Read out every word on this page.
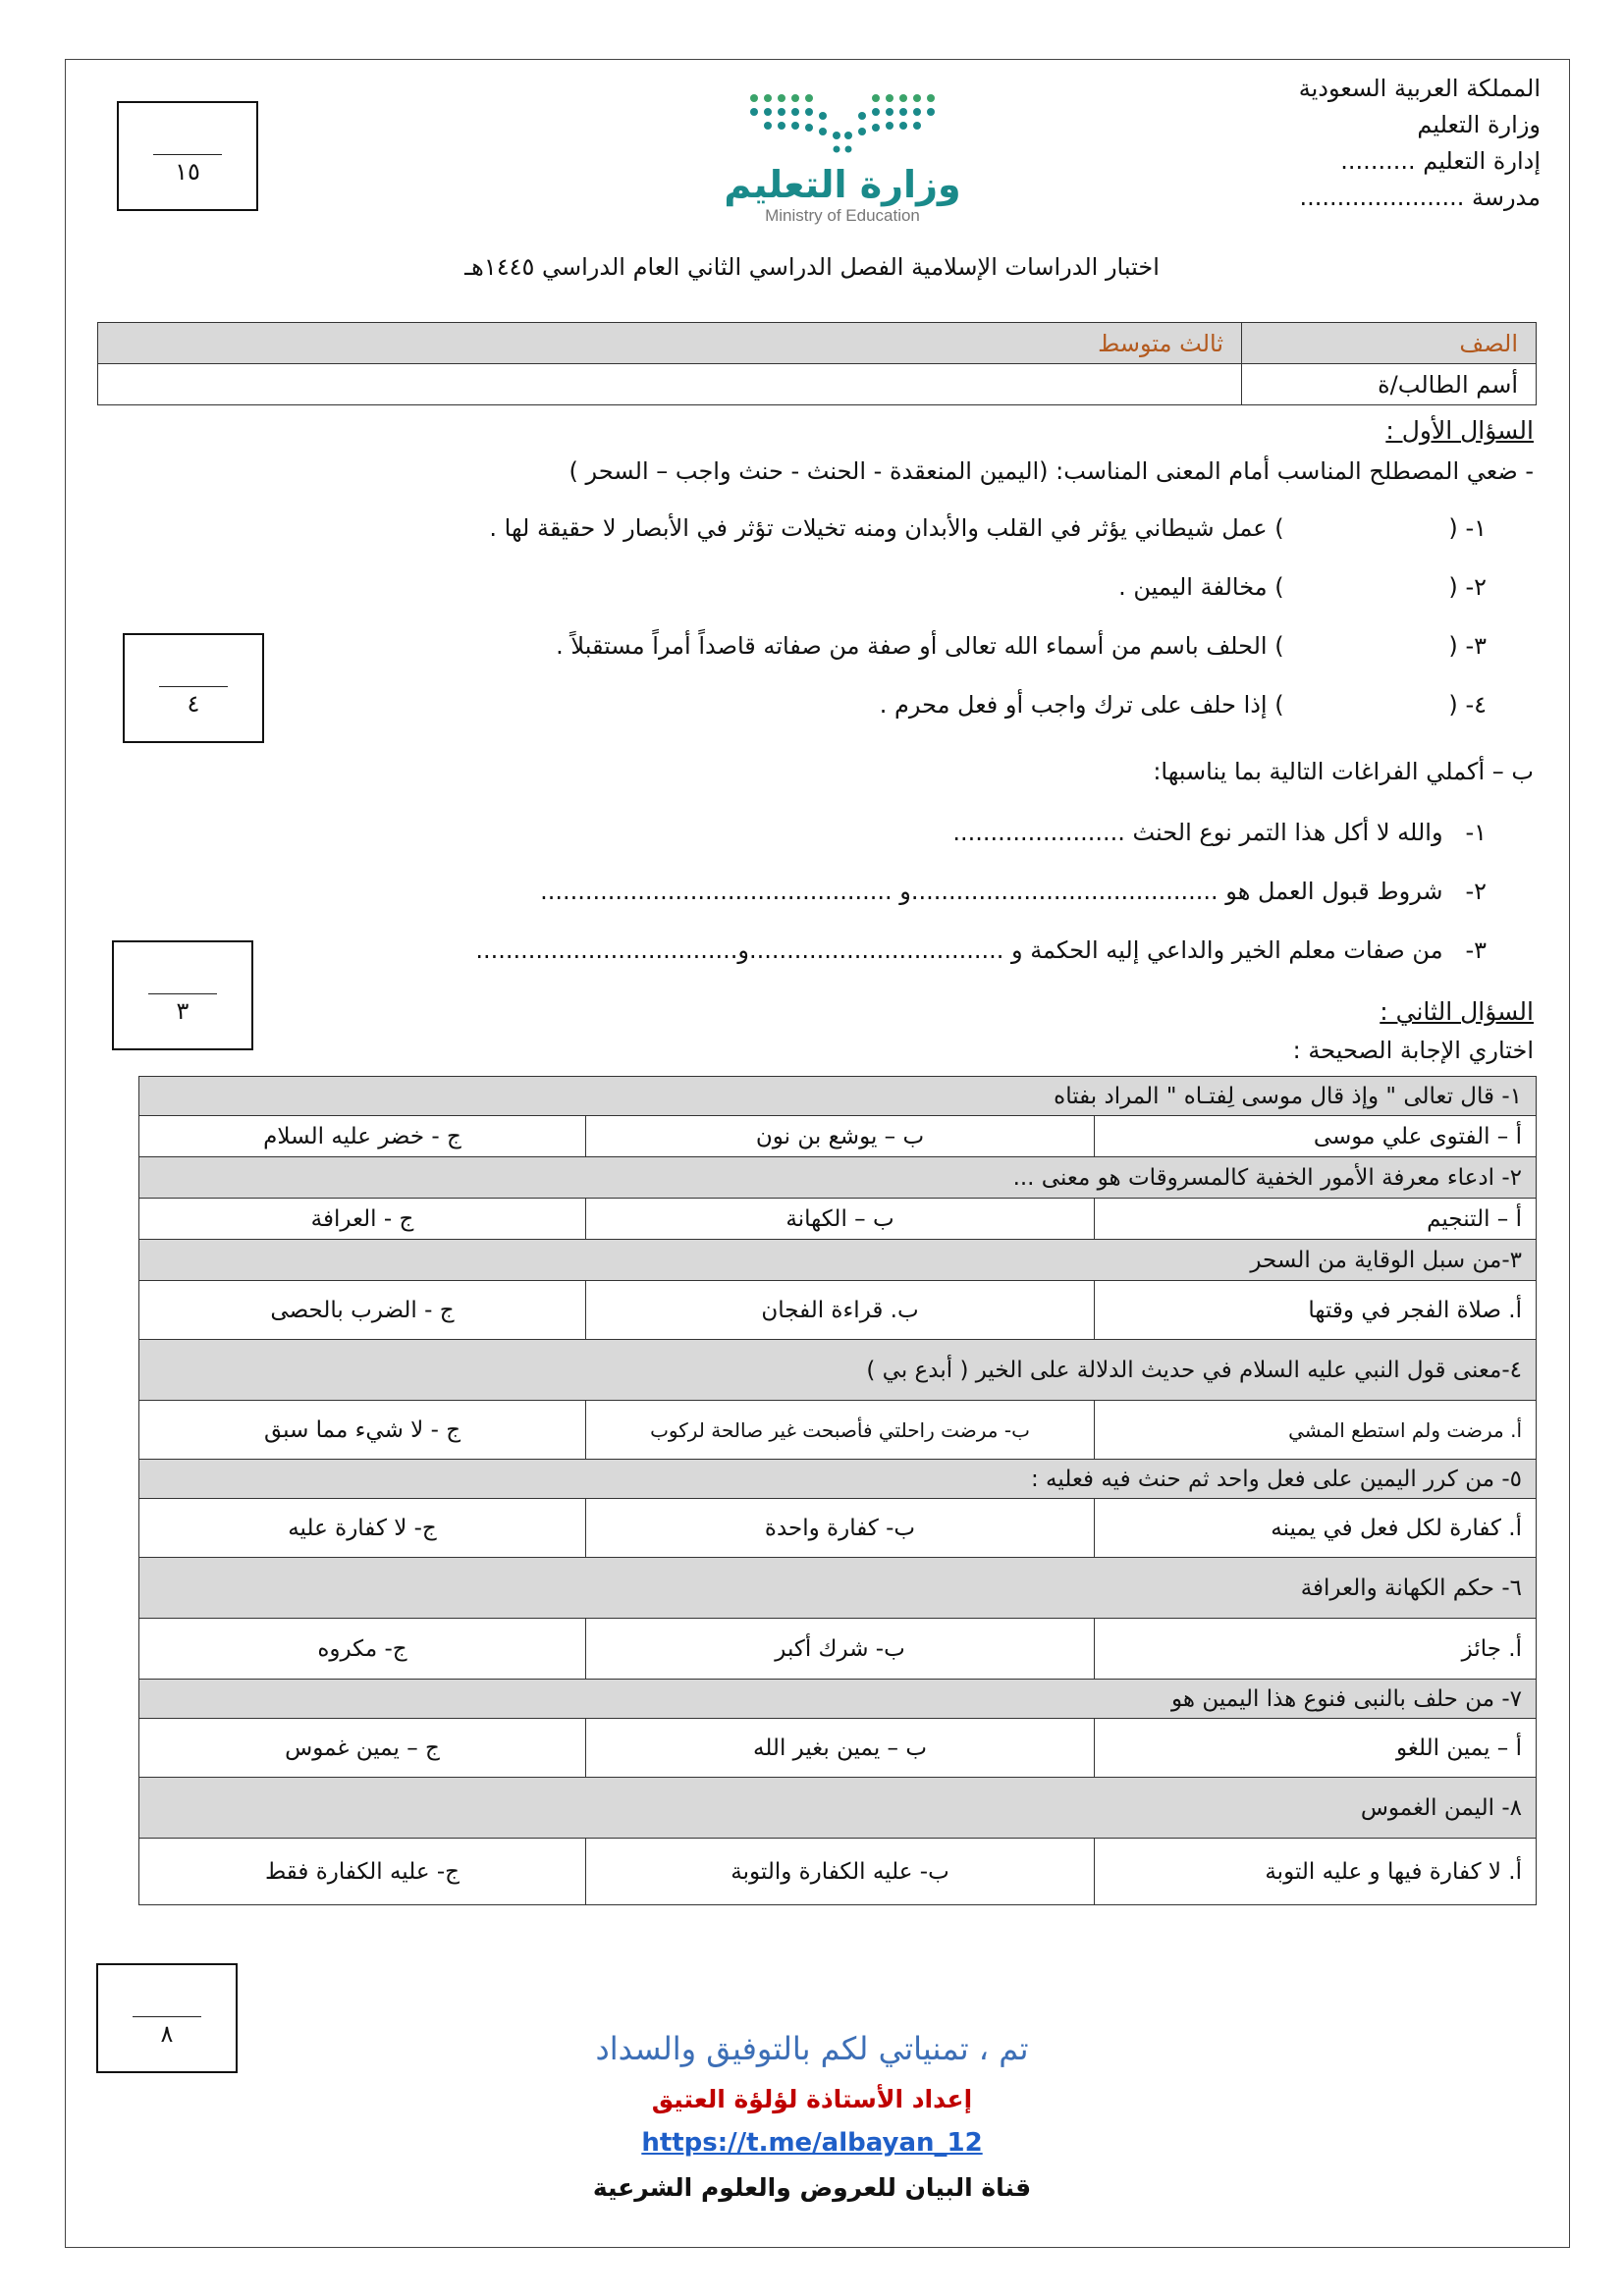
المملكة العربية السعودية
وزارة التعليم
إدارة التعليم ..........
مدرسة ......................
وزارة التعليم
Ministry of Education
١٥
٤
٣
٨
اختبار الدراسات الإسلامية الفصل الدراسي الثاني العام الدراسي ١٤٤٥هـ
الصف	ثالث متوسط
أسم الطالب/ة	
السؤال الأول :
- ضعي المصطلح المناسب أمام المعنى المناسب: (اليمين المنعقدة - الحنث - حنث واجب – السحر )
١- (                      ) عمل شيطاني يؤثر في القلب والأبدان ومنه تخيلات تؤثر في الأبصار لا حقيقة لها .
٢- (                      ) مخالفة اليمين .
٣- (                      ) الحلف باسم من أسماء الله تعالى أو صفة من صفاته قاصداً أمراً مستقبلاً .
٤- (                      ) إذا حلف على ترك واجب أو فعل محرم .
ب – أكملي الفراغات التالية بما يناسبها:
١-   والله لا أكل هذا التمر نوع الحنث .......................
٢-   شروط قبول العمل هو .........................................و ...............................................
٣-   من صفات معلم الخير والداعي إليه الحكمة و ..................................و...................................
السؤال الثاني :
اختاري الإجابة الصحيحة :
١- قال تعالى " وإذ قال موسى لِفتـاه " المراد بفتاه		
أ – الفتوى علي موسى	ب – يوشع بن نون	ج - خضر عليه السلام
٢- ادعاء معرفة الأمور الخفية كالمسروقات هو معنى ...		
أ – التنجيم	ب – الكهانة	ج - العرافة
٣-من سبل الوقاية من السحر		
أ. صلاة الفجر في وقتها	ب. قراءة الفجان	ج - الضرب بالحصى
٤-معنى قول النبي عليه السلام في حديث الدلالة على الخير ( أبدع بي )		
أ. مرضت ولم استطع المشي	ب- مرضت راحلتي فأصبحت غير صالحة لركوب	ج - لا شيء مما سبق
٥- من كرر اليمين على فعل واحد ثم حنث فيه فعليه :		
أ. كفارة لكل فعل في يمينه	ب- كفارة واحدة	ج- لا كفارة عليه
٦- حكم الكهانة والعرافة		
أ. جائز	ب- شرك أكبر	ج- مكروه
٧- من حلف بالنبى فنوع هذا اليمين هو		
أ – يمين اللغو	ب – يمين بغير الله	ج – يمين غموس
٨- اليمن الغموس		
أ. لا كفارة فيها و عليه التوبة	ب- عليه الكفارة والتوبة	ج- عليه الكفارة فقط
تم ، تمنياتي لكم بالتوفيق والسداد
إعداد الأستاذة لؤلؤة العتيق
https://t.me/albayan_12
قناة البيان للعروض والعلوم الشرعية
